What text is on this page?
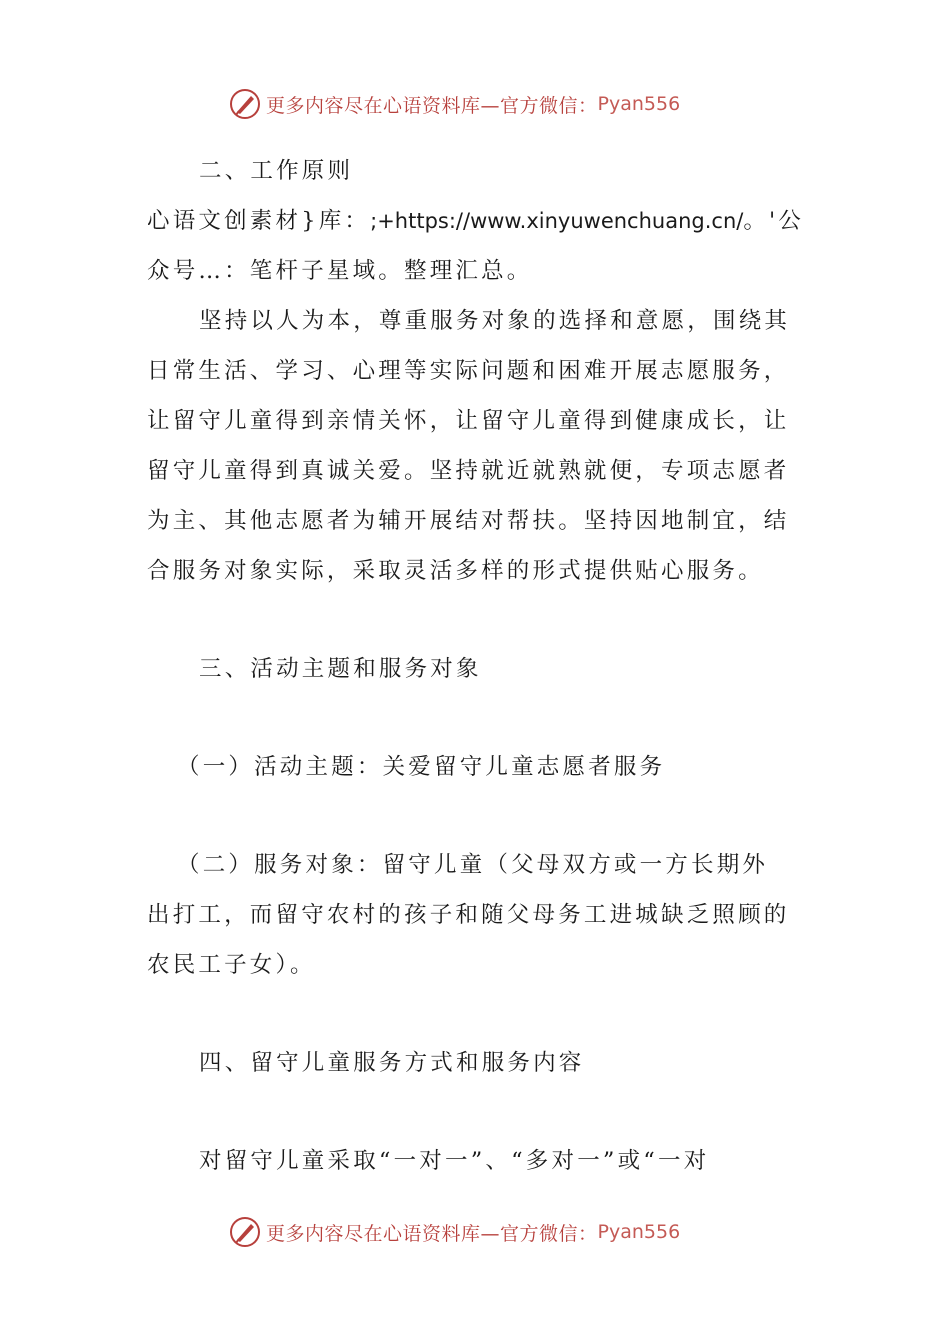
更多内容尽在心语资料库—官方微信： Pyan556
二、工作原则
心语文创素材}库：;+https://www.xinyuwenchuang.cn/。'公
众号…：笔杆子星域。整理汇总。
坚持以人为本，尊重服务对象的选择和意愿，围绕其
日常生活、学习、心理等实际问题和困难开展志愿服务，
让留守儿童得到亲情关怀，让留守儿童得到健康成长，让
留守儿童得到真诚关爱。坚持就近就熟就便，专项志愿者
为主、其他志愿者为辅开展结对帮扶。坚持因地制宜，结
合服务对象实际，采取灵活多样的形式提供贴心服务。
三、活动主题和服务对象
（一）活动主题：关爱留守儿童志愿者服务
（二）服务对象：留守儿童（父母双方或一方长期外
出打工，而留守农村的孩子和随父母务工进城缺乏照顾的
农民工子女）。
四、留守儿童服务方式和服务内容
对留守儿童采取“一对一”、“多对一”或“一对
更多内容尽在心语资料库—官方微信： Pyan556
